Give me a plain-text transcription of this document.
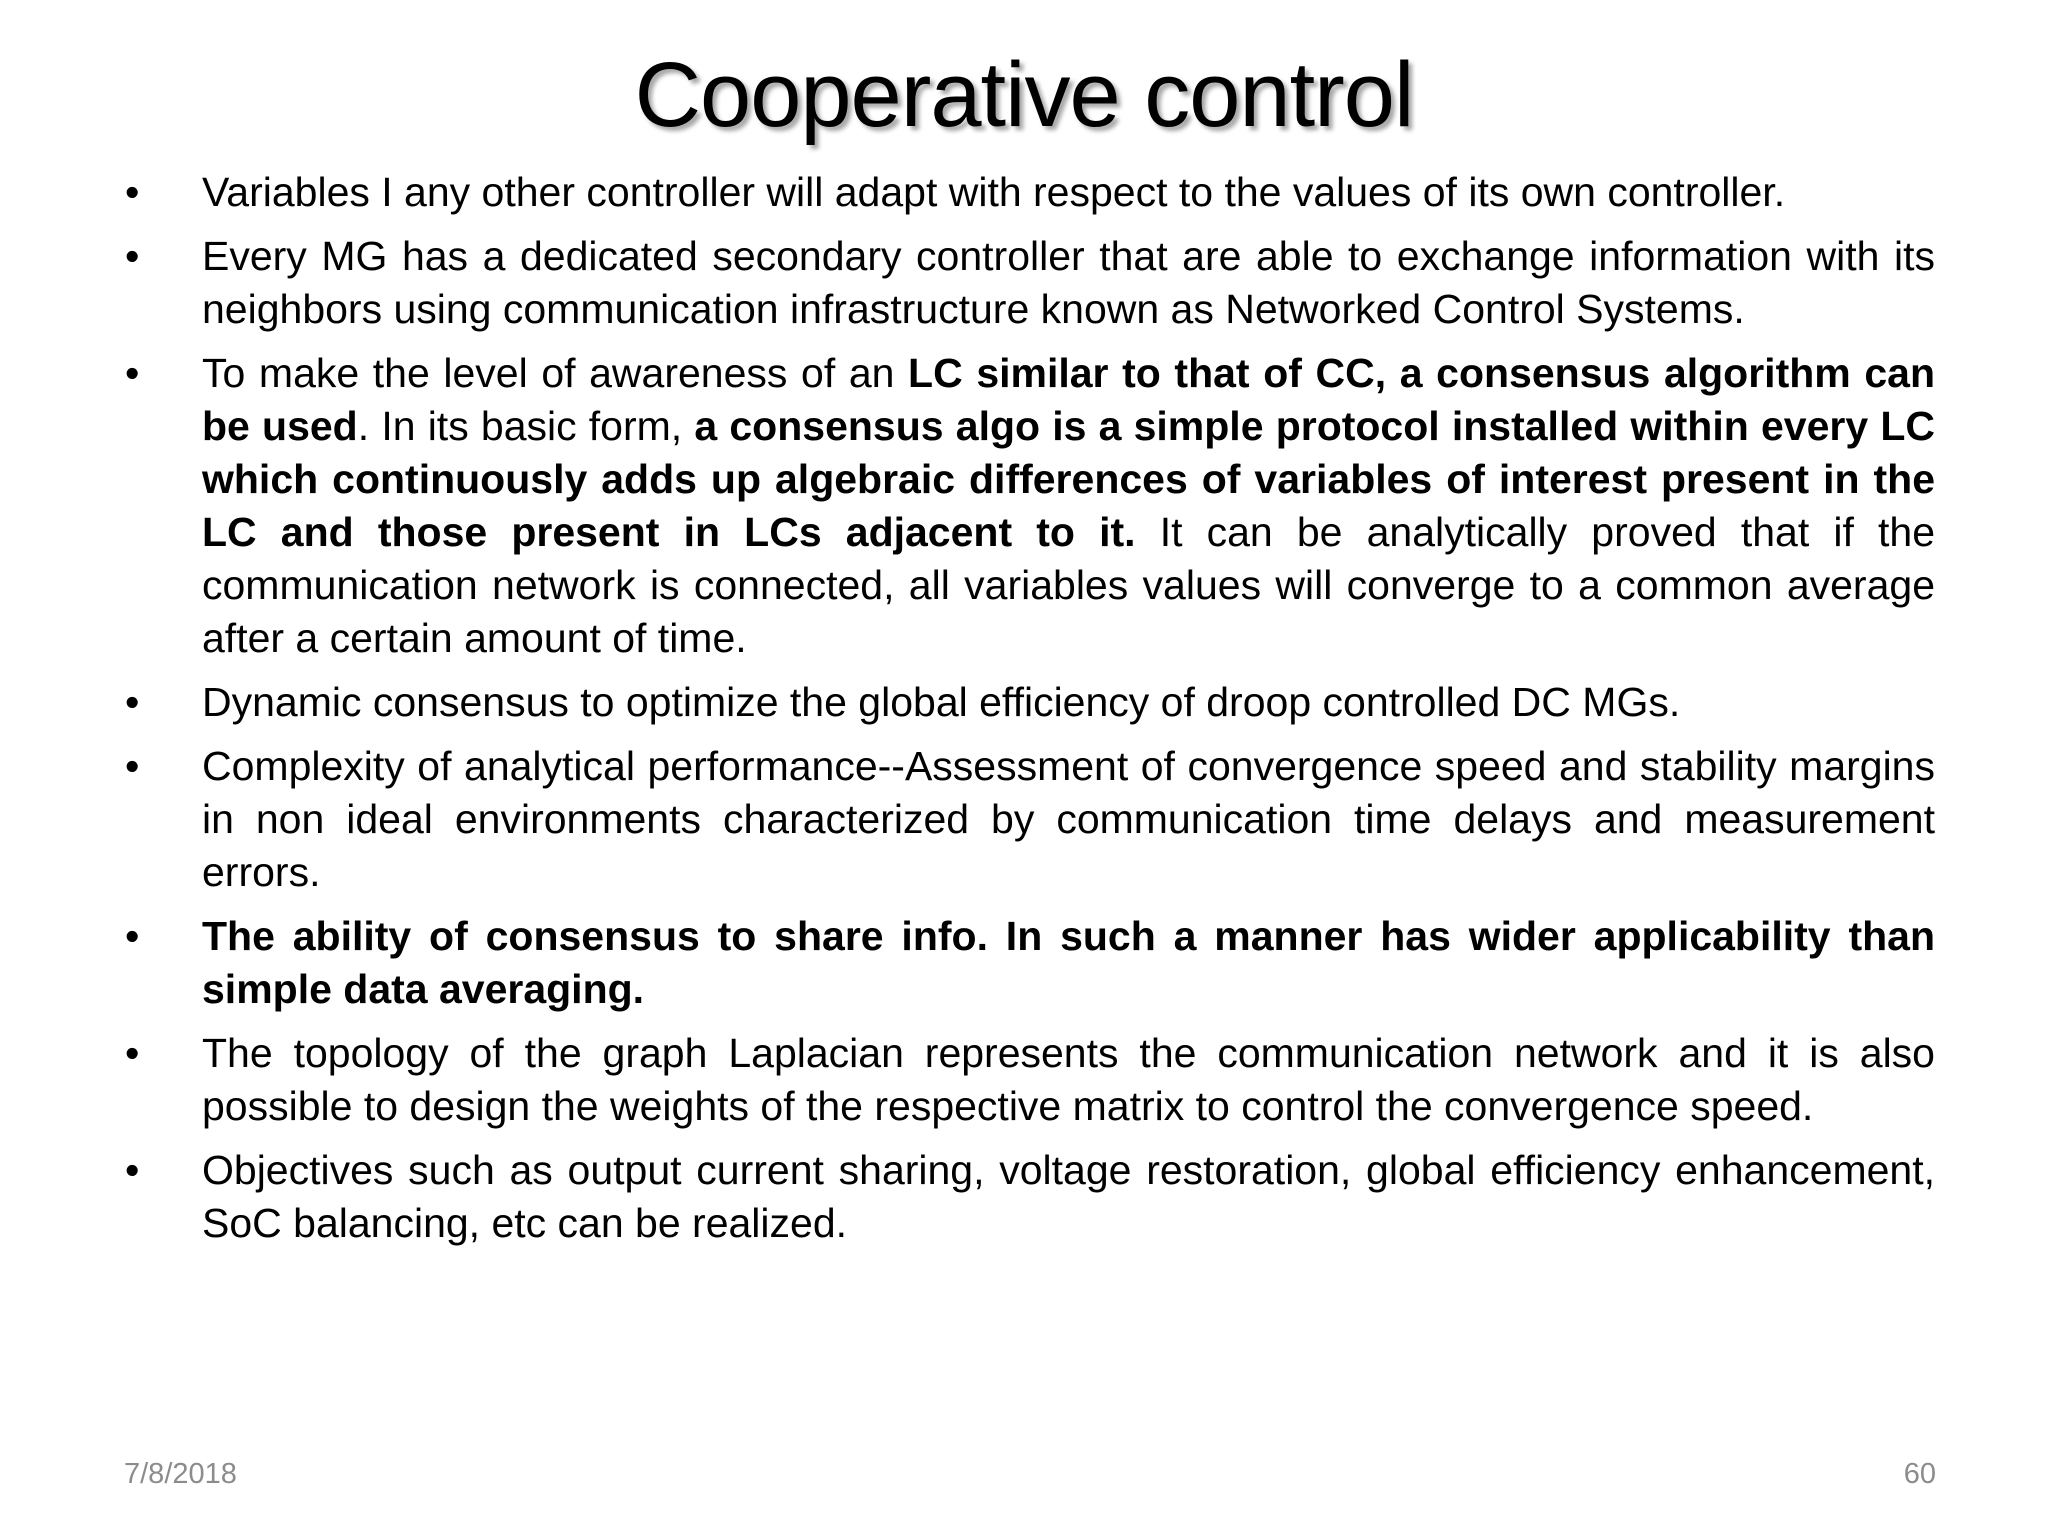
Cooperative control
•	Variables I any other controller will adapt with respect to the values of its own controller.
•	Every MG has a dedicated secondary controller that are able to exchange information with its neighbors using communication infrastructure known as Networked Control Systems.
•	To make the level of awareness of an LC similar to that of CC, a consensus algorithm can be used. In its basic form, a consensus algo is a simple protocol installed within every LC which continuously adds up algebraic differences of variables of interest present in the LC and those present in LCs adjacent to it. It can be analytically proved that if the communication network is connected, all variables values will converge to a common average after a certain amount of time.
•	Dynamic consensus to optimize the global efficiency of droop controlled DC MGs.
•	Complexity of analytical performance--Assessment of convergence speed and stability margins in non ideal environments characterized by communication time delays and measurement errors.
•	The ability of consensus to share info. In such a manner has wider applicability than simple data averaging.
•	The topology of the graph Laplacian represents the communication network and it is also possible to design the weights of the respective matrix to control the convergence speed.
•	Objectives such as output current sharing, voltage restoration, global efficiency enhancement, SoC balancing, etc can be realized.
7/8/2018	60
